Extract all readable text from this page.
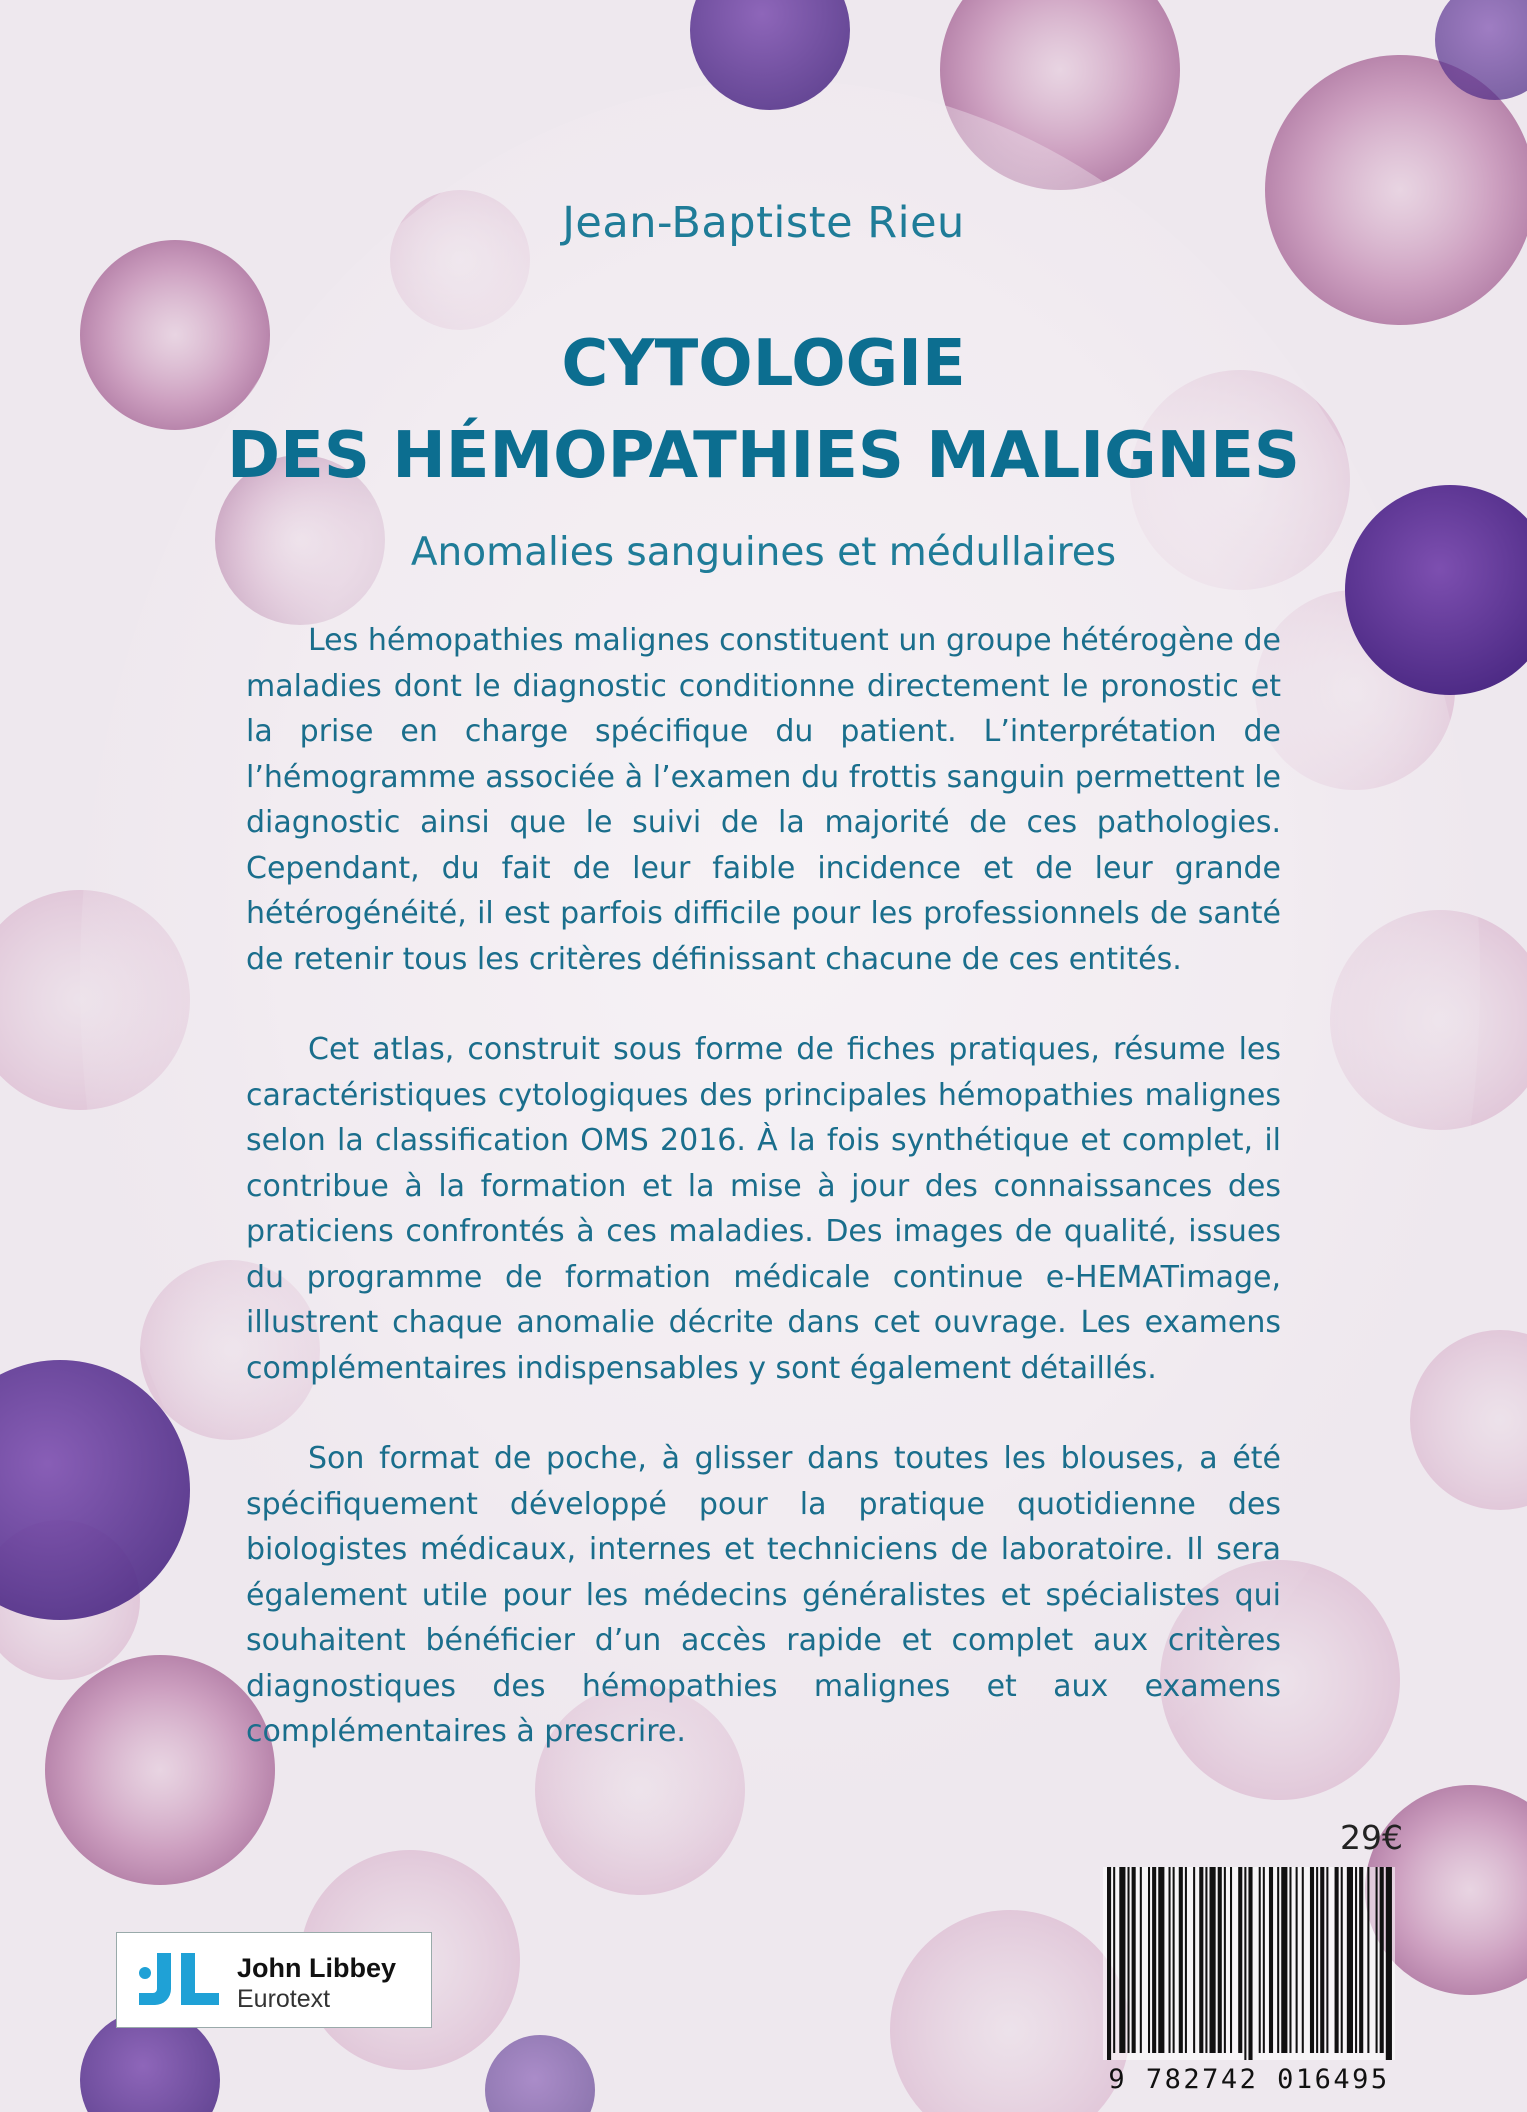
Jean-Baptiste Rieu
CYTOLOGIE
DES HÉMOPATHIES MALIGNES
Anomalies sanguines et médullaires

Les hémopathies malignes constituent un groupe hétérogène de maladies dont le diagnostic conditionne directement le pronostic et la prise en charge spécifique du patient. L’interprétation de l’hémogramme associée à l’examen du frottis sanguin permettent le diagnostic ainsi que le suivi de la majorité de ces pathologies. Cependant, du fait de leur faible incidence et de leur grande hétérogénéité, il est parfois difficile pour les professionnels de santé de retenir tous les critères définissant chacune de ces entités.

Cet atlas, construit sous forme de fiches pratiques, résume les caractéristiques cytologiques des principales hémopathies malignes selon la classification OMS 2016. À la fois synthétique et complet, il contribue à la formation et la mise à jour des connaissances des praticiens confrontés à ces maladies. Des images de qualité, issues du programme de formation médicale continue e-HEMATimage, illustrent chaque anomalie décrite dans cet ouvrage. Les examens complémentaires indispensables y sont également détaillés.

Son format de poche, à glisser dans toutes les blouses, a été spécifiquement développé pour la pratique quotidienne des biologistes médicaux, internes et techniciens de laboratoire. Il sera également utile pour les médecins généralistes et spécialistes qui souhaitent bénéficier d’un accès rapide et complet aux critères diagnostiques des hémopathies malignes et aux examens complémentaires à prescrire.

29€
9 782742 016495
John Libbey
Eurotext
